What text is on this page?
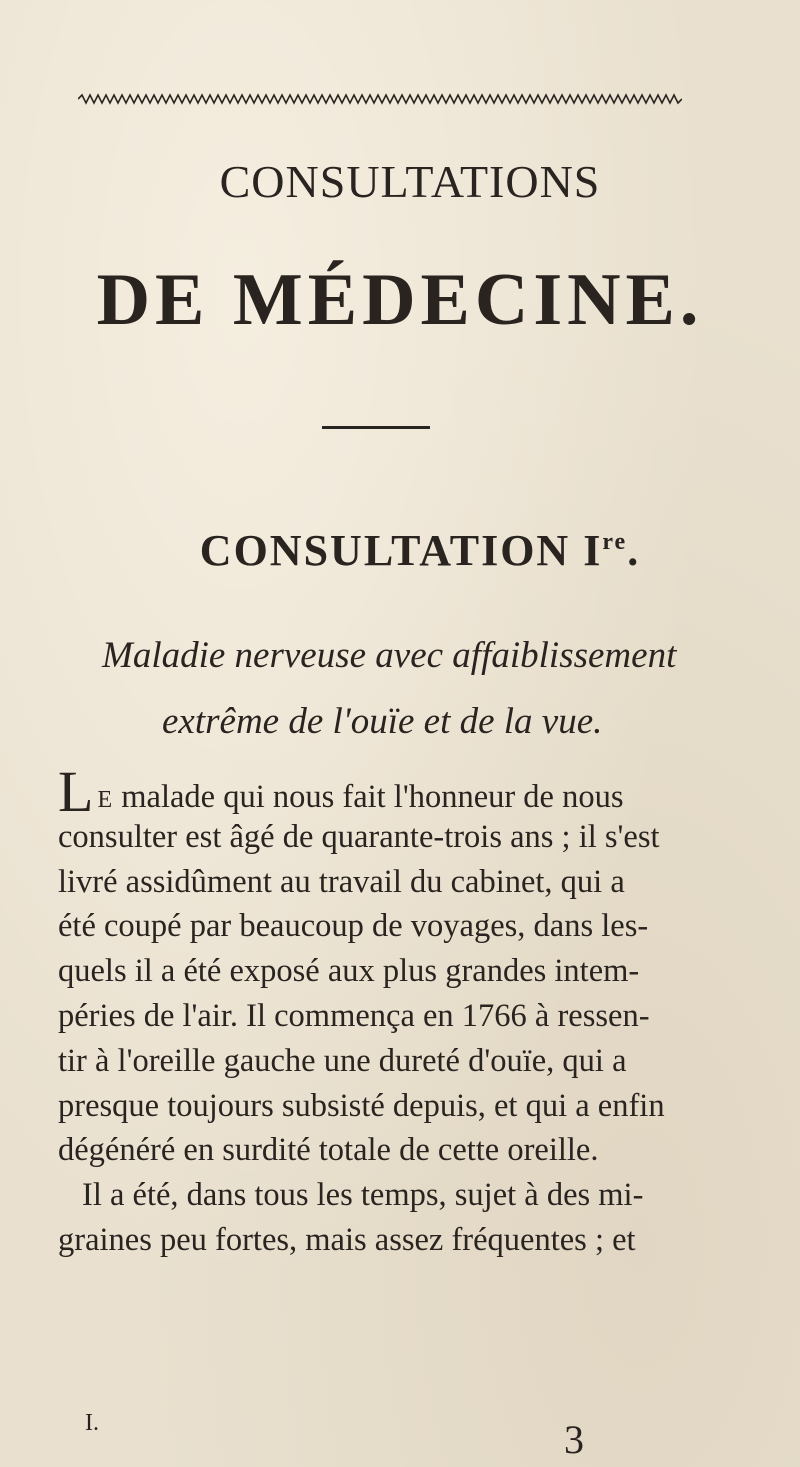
CONSULTATIONS
DE MÉDECINE.
CONSULTATION Ire.
Maladie nerveuse avec affaiblissement
extrême de l'ouïe et de la vue.
L E malade qui nous fait l'honneur de nous
consulter est âgé de quarante-trois ans ; il s'est
livré assidûment au travail du cabinet, qui a
été coupé par beaucoup de voyages, dans les-
quels il a été exposé aux plus grandes intem-
péries de l'air. Il commença en 1766 à ressen-
tir à l'oreille gauche une dureté d'ouïe, qui a
presque toujours subsisté depuis, et qui a enfin
dégénéré en surdité totale de cette oreille.
Il a été, dans tous les temps, sujet à des mi-
graines peu fortes, mais assez fréquentes ; et
I.	3
